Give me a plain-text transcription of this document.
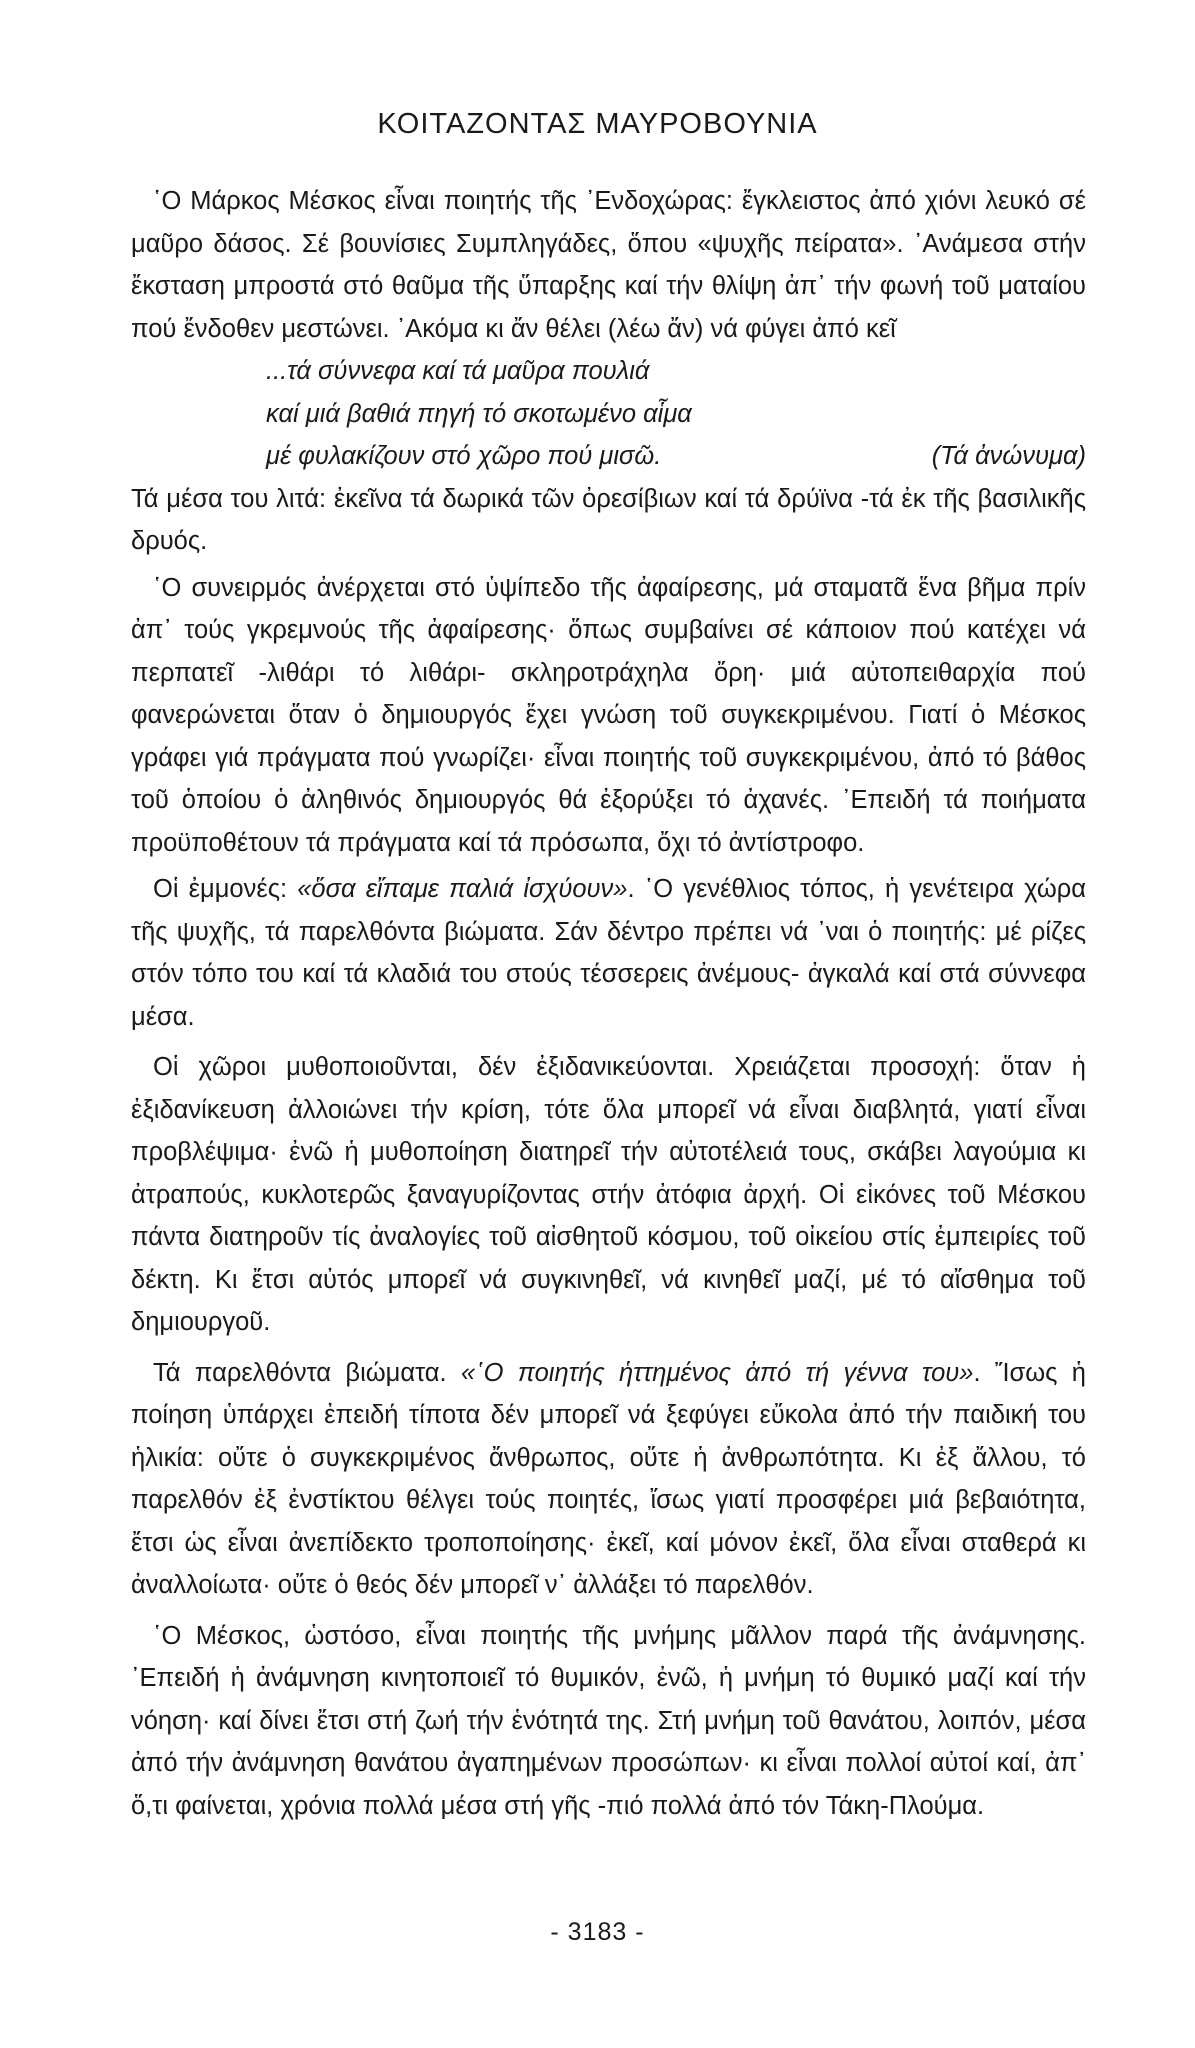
ΚΟΙΤΑΖΟΝΤΑΣ ΜΑΥΡΟΒΟΥΝΙΑ

῾Ο Μάρκος Μέσκος εἶναι ποιητής τῆς ᾿Ενδοχώρας: ἔγκλειστος ἀπό χιόνι λευκό σέ μαῦρο δάσος. Σέ βουνίσιες Συμπληγάδες, ὅπου «ψυχῆς πείρατα». ᾿Ανάμεσα στήν ἔκσταση μπροστά στό θαῦμα τῆς ὕπαρξης καί τήν θλίψη ἀπ᾿ τήν φωνή τοῦ ματαίου πού ἔνδοθεν μεστώνει. ᾿Ακόμα κι ἄν θέλει (λέω ἄν) νά φύγει ἀπό κεῖ

...τά σύννεφα καί τά μαῦρα πουλιά
καί μιά βαθιά πηγή τό σκοτωμένο αἷμα
μέ φυλακίζουν στό χῶρο πού μισῶ.	(Τά ἀνώνυμα)

Τά μέσα του λιτά: ἐκεῖνα τά δωρικά τῶν ὀρεσίβιων καί τά δρύϊνα -τά ἐκ τῆς βασιλικῆς δρυός.

῾Ο συνειρμός ἀνέρχεται στό ὑψίπεδο τῆς ἀφαίρεσης, μά σταματᾶ ἕνα βῆμα πρίν ἀπ᾿ τούς γκρεμνούς τῆς ἀφαίρεσης· ὅπως συμβαίνει σέ κάποιον πού κατέχει νά περπατεῖ -λιθάρι τό λιθάρι- σκληροτράχηλα ὄρη· μιά αὐτοπειθαρχία πού φανερώνεται ὅταν ὁ δημιουργός ἔχει γνώση τοῦ συγκεκριμένου. Γιατί ὁ Μέσκος γράφει γιά πράγματα πού γνωρίζει· εἶναι ποιητής τοῦ συγκεκριμένου, ἀπό τό βάθος τοῦ ὁποίου ὁ ἀληθινός δημιουργός θά ἐξορύξει τό ἀχανές. ᾿Επειδή τά ποιήματα προϋποθέτουν τά πράγματα καί τά πρόσωπα, ὄχι τό ἀντίστροφο.

Οἱ ἐμμονές: «ὅσα εἴπαμε παλιά ἰσχύουν». ῾Ο γενέθλιος τόπος, ἡ γενέτειρα χώρα τῆς ψυχῆς, τά παρελθόντα βιώματα. Σάν δέντρο πρέπει νά ᾿ναι ὁ ποιητής: μέ ρίζες στόν τόπο του καί τά κλαδιά του στούς τέσσερεις ἀνέμους- ἀγκαλά καί στά σύννεφα μέσα.

Οἱ χῶροι μυθοποιοῦνται, δέν ἐξιδανικεύονται. Χρειάζεται προσοχή: ὅταν ἡ ἐξιδανίκευση ἀλλοιώνει τήν κρίση, τότε ὅλα μπορεῖ νά εἶναι διαβλητά, γιατί εἶναι προβλέψιμα· ἐνῶ ἡ μυθοποίηση διατηρεῖ τήν αὐτοτέλειά τους, σκάβει λαγούμια κι ἀτραπούς, κυκλοτερῶς ξαναγυρίζοντας στήν ἀτόφια ἀρχή. Οἱ εἰκόνες τοῦ Μέσκου πάντα διατηροῦν τίς ἀναλογίες τοῦ αἰσθητοῦ κόσμου, τοῦ οἰκείου στίς ἐμπειρίες τοῦ δέκτη. Κι ἔτσι αὐτός μπορεῖ νά συγκινηθεῖ, νά κινηθεῖ μαζί, μέ τό αἴσθημα τοῦ δημιουργοῦ.

Τά παρελθόντα βιώματα. «῾Ο ποιητής ἡττημένος ἀπό τή γέννα του». Ἴσως ἡ ποίηση ὑπάρχει ἐπειδή τίποτα δέν μπορεῖ νά ξεφύγει εὔκολα ἀπό τήν παιδική του ἡλικία: οὔτε ὁ συγκεκριμένος ἄνθρωπος, οὔτε ἡ ἀνθρωπότητα. Κι ἐξ ἄλλου, τό παρελθόν ἐξ ἐνστίκτου θέλγει τούς ποιητές, ἴσως γιατί προσφέρει μιά βεβαιότητα, ἔτσι ὡς εἶναι ἀνεπίδεκτο τροποποίησης· ἐκεῖ, καί μόνον ἐκεῖ, ὅλα εἶναι σταθερά κι ἀναλλοίωτα· οὔτε ὁ θεός δέν μπορεῖ ν᾿ ἀλλάξει τό παρελθόν.

῾Ο Μέσκος, ὡστόσο, εἶναι ποιητής τῆς μνήμης μᾶλλον παρά τῆς ἀνάμνησης. ᾿Επειδή ἡ ἀνάμνηση κινητοποιεῖ τό θυμικόν, ἐνῶ, ἡ μνήμη τό θυμικό μαζί καί τήν νόηση· καί δίνει ἔτσι στή ζωή τήν ἑνότητά της. Στή μνήμη τοῦ θανάτου, λοιπόν, μέσα ἀπό τήν ἀνάμνηση θανάτου ἀγαπημένων προσώπων· κι εἶναι πολλοί αὐτοί καί, ἀπ᾿ ὅ,τι φαίνεται, χρόνια πολλά μέσα στή γῆς -πιό πολλά ἀπό τόν Τάκη-Πλούμα.

- 3183 -
